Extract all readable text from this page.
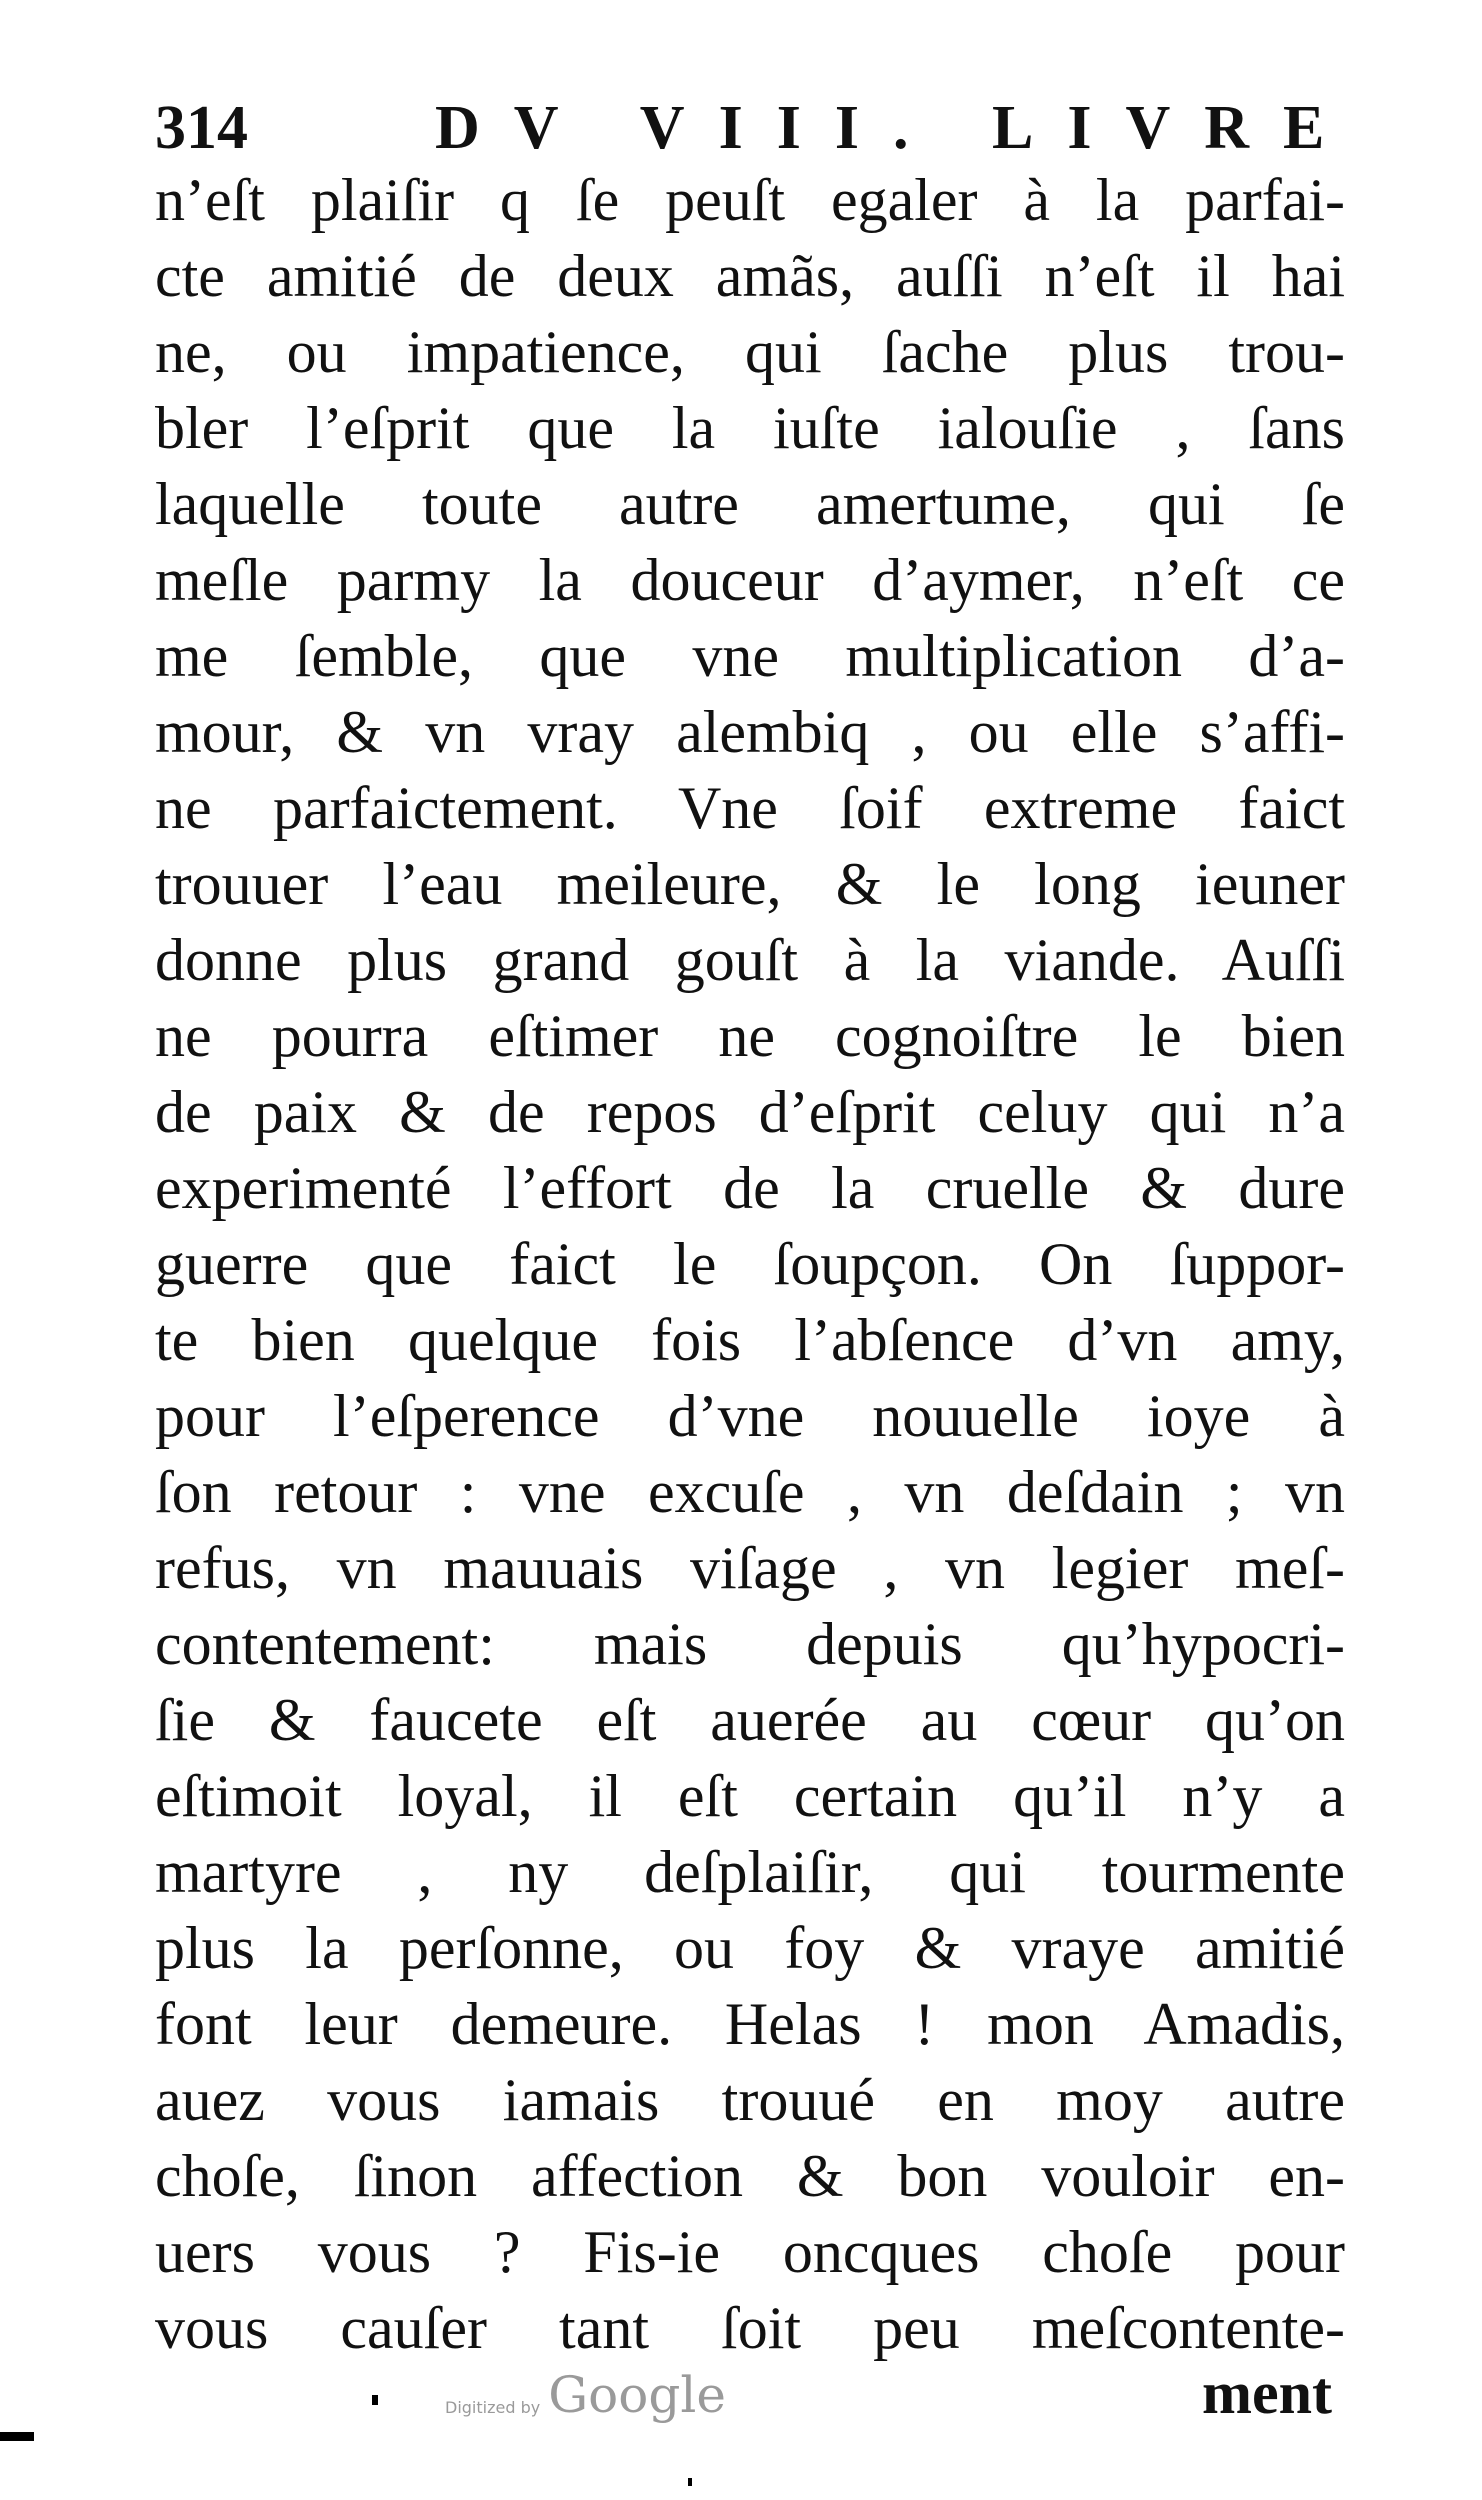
314	DV VIII. LIVRE
n’eſt plaiſir q ſe peuſt egaler à la parfai-
cte amitié de deux amãs, auſſi n’eſt il hai
ne, ou impatience, qui ſache plus trou-
bler l’eſprit que la iuſte ialouſie , ſans
laquelle toute autre amertume, qui ſe
meſle parmy la douceur d’aymer, n’eſt ce
me ſemble, que vne multiplication d’a-
mour, & vn vray alembiq , ou elle s’affi-
ne parfaictement. Vne ſoif extreme faict
trouuer l’eau meileure, & le long ieuner
donne plus grand gouſt à la viande. Auſſi
ne pourra eſtimer ne cognoiſtre le bien
de paix & de repos d’eſprit celuy qui n’a
experimenté l’effort de la cruelle & dure
guerre que faict le ſoupçon. On ſuppor-
te bien quelque fois l’abſence d’vn amy,
pour l’eſperence d’vne nouuelle ioye à
ſon retour : vne excuſe , vn deſdain ; vn
refus, vn mauuais viſage , vn legier meſ-
contentement: mais depuis qu’hypocri-
ſie & faucete eſt auerée au cœur qu’on
eſtimoit loyal, il eſt certain qu’il n’y a
martyre , ny deſplaiſir, qui tourmente
plus la perſonne, ou foy & vraye amitié
font leur demeure. Helas ! mon Amadis,
auez vous iamais trouué en moy autre
choſe, ſinon affection & bon vouloir en-
uers vous ? Fis-ie oncques choſe pour
vous cauſer tant ſoit peu meſcontente-
Digitized by Google	ment
